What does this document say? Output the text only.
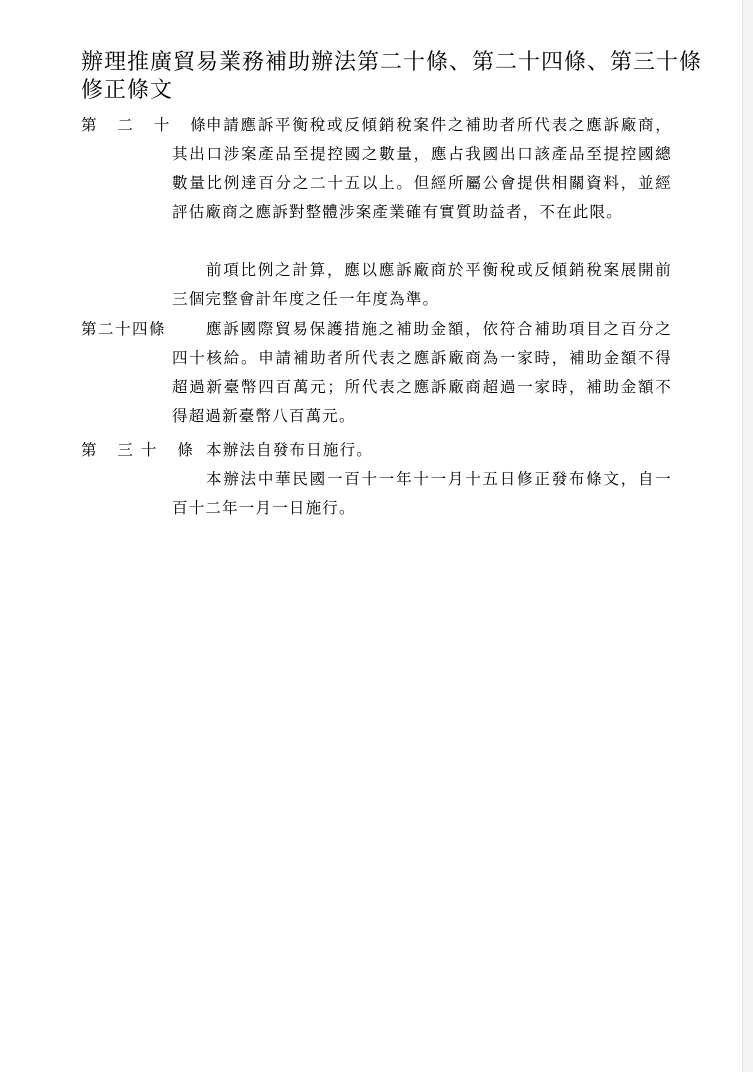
辦理推廣貿易業務補助辦法第二十條、第二十四條、第三十條修正條文
第 二 十 條

申請應訴平衡稅或反傾銷稅案件之補助者所代表之應訴廠商，其出口涉案產品至提控國之數量，應占我國出口該產品至提控國總數量比例達百分之二十五以上。但經所屬公會提供相關資料，並經評估廠商之應訴對整體涉案產業確有實質助益者，不在此限。

前項比例之計算，應以應訴廠商於平衡稅或反傾銷稅案展開前三個完整會計年度之任一年度為準。

第二十四條	應訴國際貿易保護措施之補助金額，依符合補助項目之百分之四十核給。申請補助者所代表之應訴廠商為一家時，補助金額不得超過新臺幣四百萬元；所代表之應訴廠商超過一家時，補助金額不得超過新臺幣八百萬元。

第 三十 條 本辦法自發布日施行。

本辦法中華民國一百十一年十一月十五日修正發布條文，自一百十二年一月一日施行。
